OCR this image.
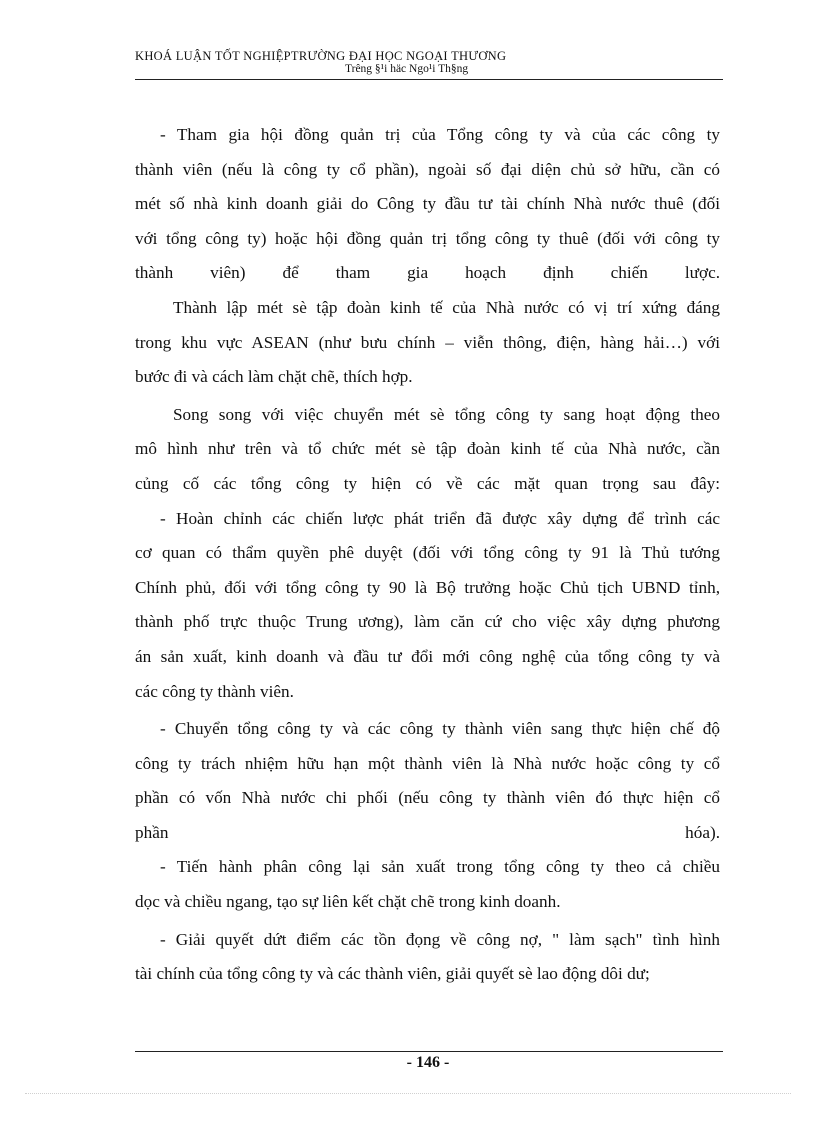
KHOÁ LUẬN TỐT NGHIỆPTRƯỜNG ĐẠI HỌC NGOẠI THƯƠNG
Trêng §¹i häc Ngo¹i Th§ng
- Tham gia hội đồng quản trị của Tổng công ty và của các công ty
thành viên (nếu là công ty cổ phần), ngoài số đại diện chủ sở hữu, cần có
mét số nhà kinh doanh giải do Công ty đầu tư tài chính Nhà nước thuê (đối
với tổng công ty) hoặc hội đồng quản trị tổng công ty thuê (đối với công ty
thành viên) để tham gia hoạch định chiến lược.
Thành lập mét sè tập đoàn kinh tế của Nhà nước có vị trí xứng đáng
trong khu vực ASEAN (như bưu chính – viễn thông, điện, hàng hải…) với
bước đi và cách làm chặt chẽ, thích hợp.
Song song với việc chuyển mét sè tổng công ty sang hoạt động theo
mô hình như trên và tổ chức mét sè tập đoàn kinh tế của Nhà nước, cần
củng cố các tổng công ty hiện có về các mặt quan trọng sau đây:
- Hoàn chỉnh các chiến lược phát triển đã được xây dựng để trình các
cơ quan có thẩm quyền phê duyệt (đối với tổng công ty 91 là Thủ tướng
Chính phủ, đối với tổng công ty 90 là Bộ trưởng hoặc Chủ tịch UBND tỉnh,
thành phố trực thuộc Trung ương), làm căn cứ cho việc xây dựng phương
án sản xuất, kinh doanh và đầu tư đổi mới công nghệ của tổng công ty và
các công ty thành viên.
- Chuyển tổng công ty và các công ty thành viên sang thực hiện chế độ
công ty trách nhiệm hữu hạn một thành viên là Nhà nước hoặc công ty cổ
phần có vốn Nhà nước chi phối (nếu công ty thành viên đó thực hiện cổ
phần hóa).
- Tiến hành phân công lại sản xuất trong tổng công ty theo cả chiều
dọc và chiều ngang, tạo sự liên kết chặt chẽ trong kinh doanh.
- Giải quyết dứt điểm các tồn đọng về công nợ, " làm sạch" tình hình
tài chính của tổng công ty và các thành viên, giải quyết sè lao động dôi dư;
- 146 -
